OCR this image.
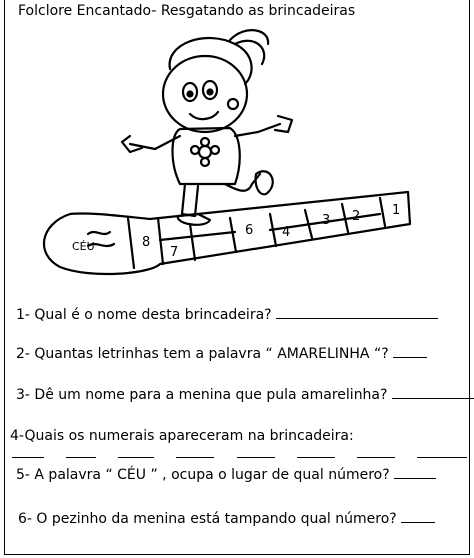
Folclore Encantado- Resgatando as brincadeiras
8
7
6 4
3 2 1
CÉU
1- Qual é o nome desta brincadeira?
2- Quantas letrinhas tem a palavra “ AMARELINHA “?
3- Dê um nome para a menina que pula amarelinha?
4-Quais os numerais apareceram na brincadeira:
5- A palavra “ CÉU ” , ocupa o lugar de qual número?
6- O pezinho da menina está tampando qual número?
